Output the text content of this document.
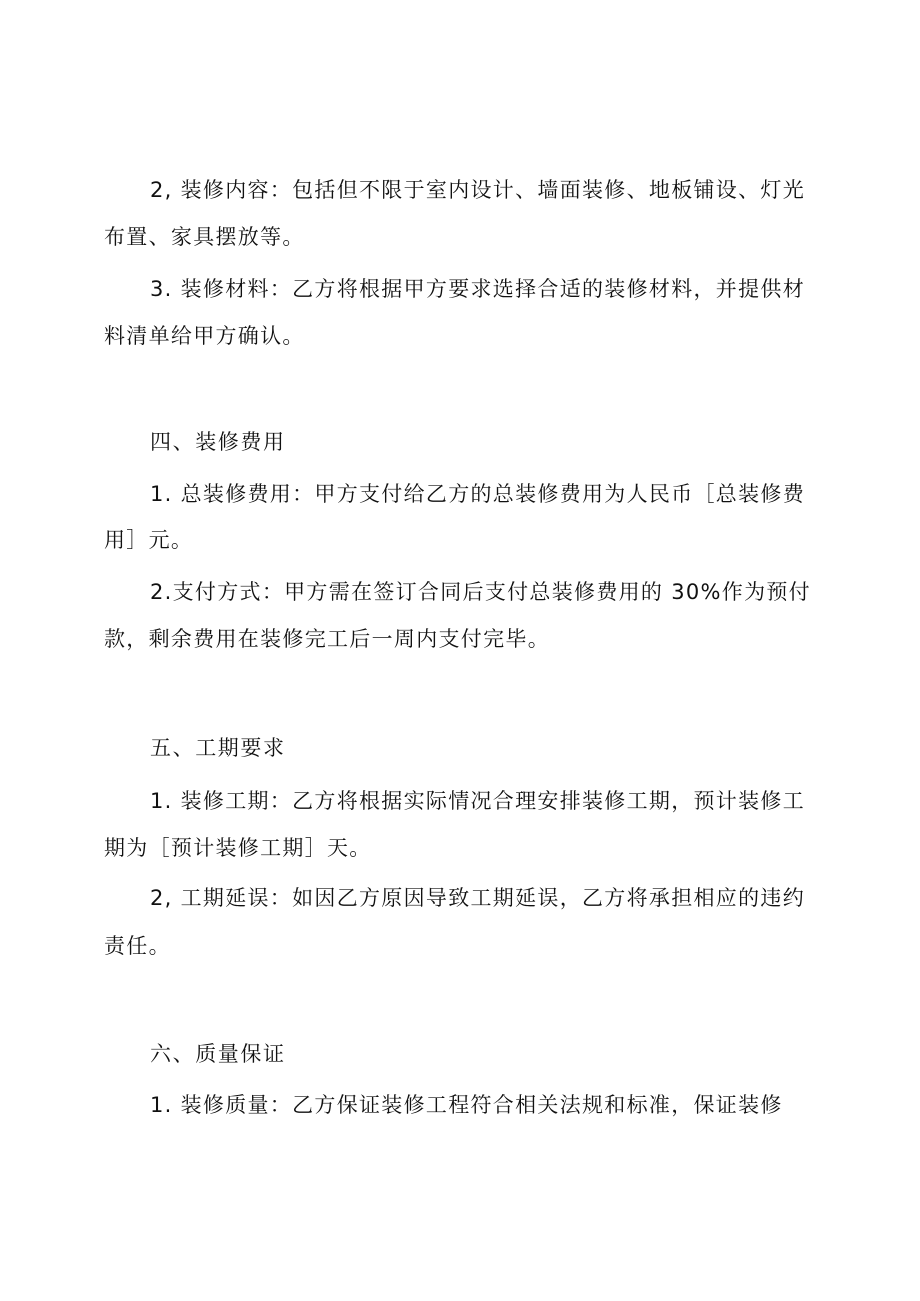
2, 装修内容：包括但不限于室内设计、墙面装修、地板铺设、灯光
布置、家具摆放等。
3. 装修材料：乙方将根据甲方要求选择合适的装修材料，并提供材
料清单给甲方确认。
四、装修费用
1. 总装修费用：甲方支付给乙方的总装修费用为人民币［总装修费
用］元。
2.支付方式：甲方需在签订合同后支付总装修费用的 30%作为预付
款，剩余费用在装修完工后一周内支付完毕。
五、工期要求
1. 装修工期：乙方将根据实际情况合理安排装修工期，预计装修工
期为［预计装修工期］天。
2, 工期延误：如因乙方原因导致工期延误，乙方将承担相应的违约
责任。
六、质量保证
1. 装修质量：乙方保证装修工程符合相关法规和标准，保证装修
